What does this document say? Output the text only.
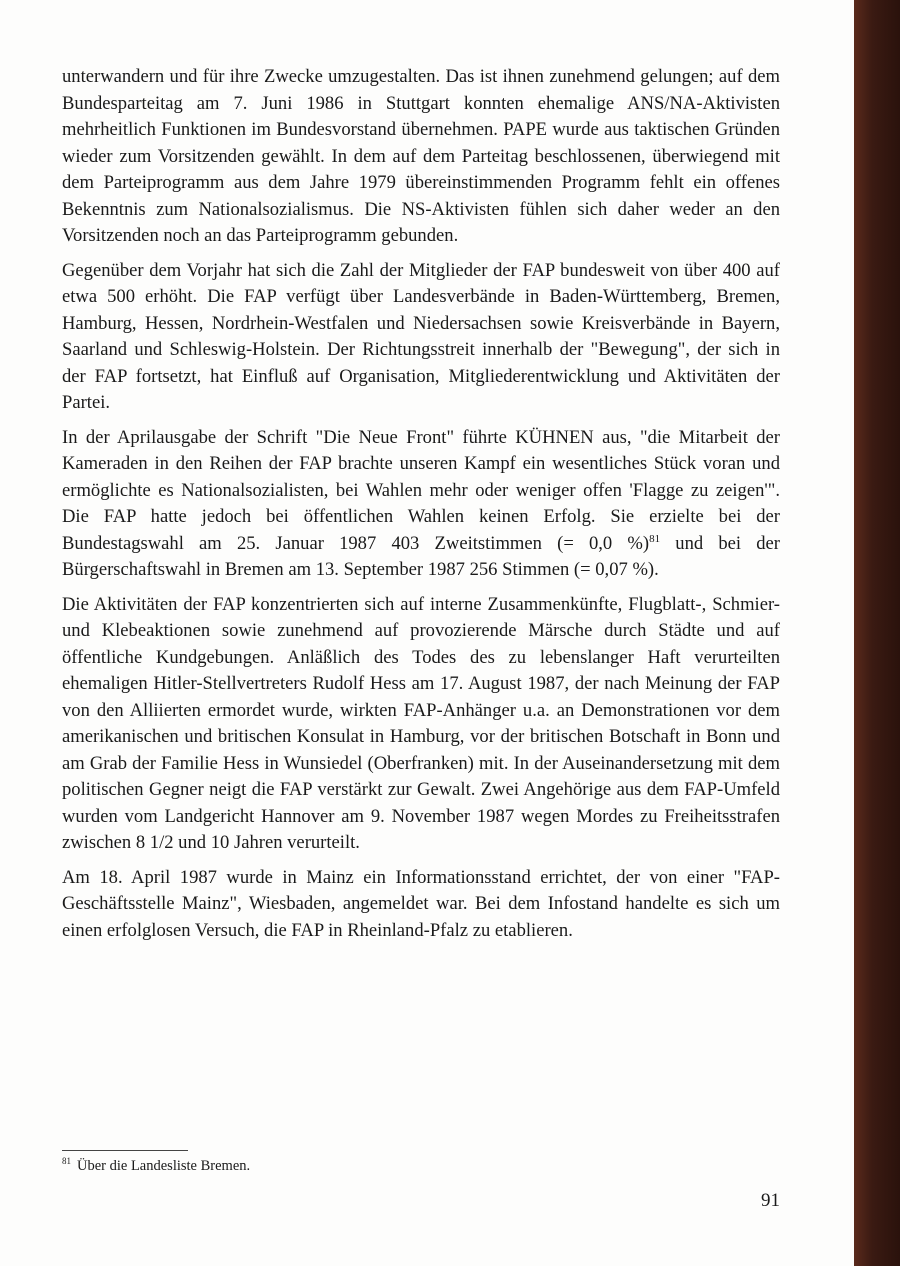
unterwandern und für ihre Zwecke umzugestalten. Das ist ihnen zunehmend gelungen; auf dem Bundesparteitag am 7. Juni 1986 in Stuttgart konnten ehemalige ANS/NA-Aktivisten mehrheitlich Funktionen im Bundesvorstand übernehmen. PAPE wurde aus taktischen Gründen wieder zum Vorsitzenden gewählt. In dem auf dem Parteitag beschlossenen, überwiegend mit dem Parteiprogramm aus dem Jahre 1979 übereinstimmenden Programm fehlt ein offenes Bekenntnis zum Nationalsozialismus. Die NS-Aktivisten fühlen sich daher weder an den Vorsitzenden noch an das Parteiprogramm gebunden.

Gegenüber dem Vorjahr hat sich die Zahl der Mitglieder der FAP bundesweit von über 400 auf etwa 500 erhöht. Die FAP verfügt über Landesverbände in Baden-Württemberg, Bremen, Hamburg, Hessen, Nordrhein-Westfalen und Niedersachsen sowie Kreisverbände in Bayern, Saarland und Schleswig-Holstein. Der Richtungsstreit innerhalb der "Bewegung", der sich in der FAP fortsetzt, hat Einfluß auf Organisation, Mitgliederentwicklung und Aktivitäten der Partei.

In der Aprilausgabe der Schrift "Die Neue Front" führte KÜHNEN aus, "die Mitarbeit der Kameraden in den Reihen der FAP brachte unseren Kampf ein wesentliches Stück voran und ermöglichte es Nationalsozialisten, bei Wahlen mehr oder weniger offen 'Flagge zu zeigen'". Die FAP hatte jedoch bei öffentlichen Wahlen keinen Erfolg. Sie erzielte bei der Bundestagswahl am 25. Januar 1987 403 Zweitstimmen (= 0,0 %)$^{81}$ und bei der Bürgerschaftswahl in Bremen am 13. September 1987 256 Stimmen (= 0,07 %).

Die Aktivitäten der FAP konzentrierten sich auf interne Zusammenkünfte, Flugblatt-, Schmier- und Klebeaktionen sowie zunehmend auf provozierende Märsche durch Städte und auf öffentliche Kundgebungen. Anläßlich des Todes des zu lebenslanger Haft verurteilten ehemaligen Hitler-Stellvertreters Rudolf Hess am 17. August 1987, der nach Meinung der FAP von den Alliierten ermordet wurde, wirkten FAP-Anhänger u.a. an Demonstrationen vor dem amerikanischen und britischen Konsulat in Hamburg, vor der britischen Botschaft in Bonn und am Grab der Familie Hess in Wunsiedel (Oberfranken) mit. In der Auseinandersetzung mit dem politischen Gegner neigt die FAP verstärkt zur Gewalt. Zwei Angehörige aus dem FAP-Umfeld wurden vom Landgericht Hannover am 9. November 1987 wegen Mordes zu Freiheitsstrafen zwischen 8 1/2 und 10 Jahren verurteilt.

Am 18. April 1987 wurde in Mainz ein Informationsstand errichtet, der von einer "FAP-Geschäftsstelle Mainz", Wiesbaden, angemeldet war. Bei dem Infostand handelte es sich um einen erfolglosen Versuch, die FAP in Rheinland-Pfalz zu etablieren.

$^{81}$ Über die Landesliste Bremen.
91
